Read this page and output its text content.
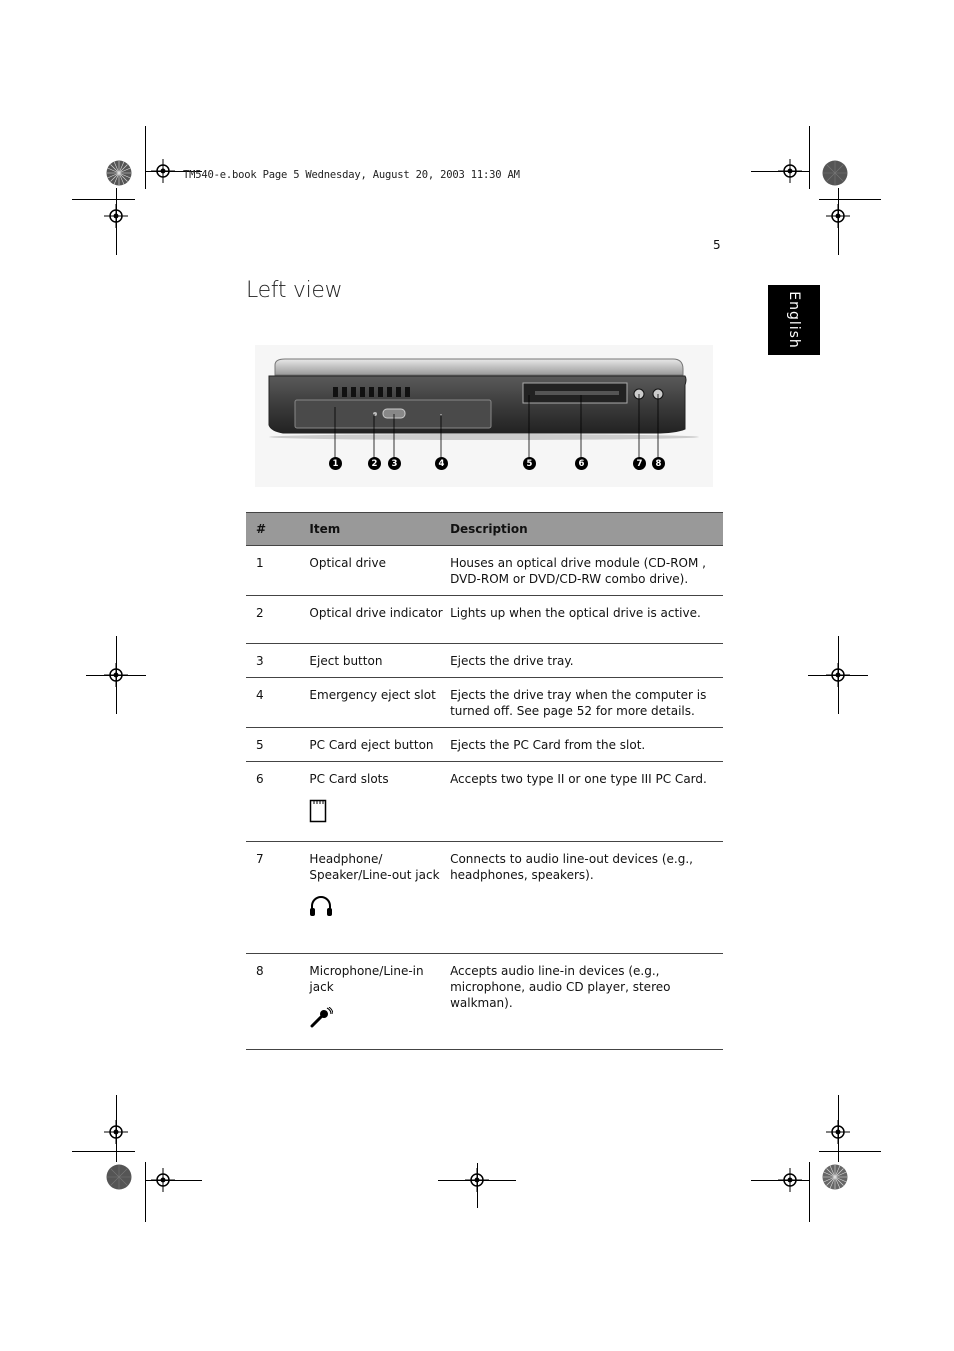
TM540-e.book Page 5 Wednesday, August 20, 2003 11:30 AM
5
English
Left view
1	2	3	4	5	6	7	8
#	Item	Description
1	Optical drive	Houses an optical drive module (CD-ROM , DVD-ROM or DVD/CD-RW combo drive).
2	Optical drive indicator	Lights up when the optical drive is active.
3	Eject button	Ejects the drive tray.
4	Emergency eject slot	Ejects the drive tray when the computer is turned off. See page 52 for more details.
5	PC Card eject button	Ejects the PC Card from the slot.
6	PC Card slots	Accepts two type II or one type III PC Card.
7	Headphone/ Speaker/Line-out jack	Connects to audio line-out devices (e.g., headphones, speakers).
8	Microphone/Line-in jack	Accepts audio line-in devices (e.g., microphone, audio CD player, stereo walkman).
